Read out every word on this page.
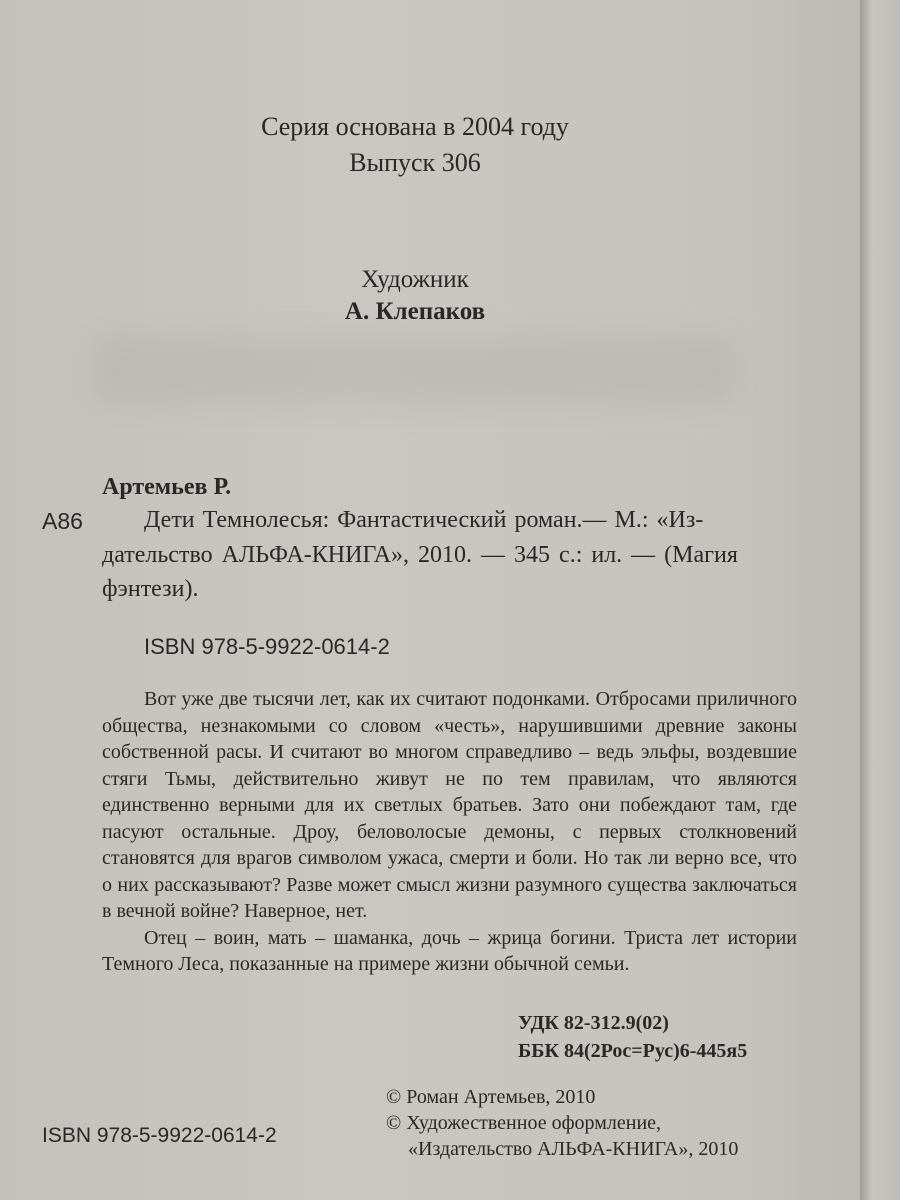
Серия основана в 2004 году
Выпуск 306
Художник
А. Клепаков
Артемьев Р.
А86	Дети Темнолесья: Фантастический роман.— М.: «Из-
дательство АЛЬФА-КНИГА», 2010. — 345 с.: ил. — (Магия
фэнтези).
ISBN 978-5-9922-0614-2

Вот уже две тысячи лет, как их считают подонками. Отбросами приличного общества, незнакомыми со словом «честь», нарушившими древние законы собственной расы. И считают во многом справедливо – ведь эльфы, воздевшие стяги Тьмы, действительно живут не по тем правилам, что являются единственно верными для их светлых братьев. Зато они побеждают там, где пасуют остальные. Дроу, беловолосые демоны, с первых столкновений становятся для врагов символом ужаса, смерти и боли. Но так ли верно все, что о них рассказывают? Разве может смысл жизни разумного существа заключаться в вечной войне? Наверное, нет.

Отец – воин, мать – шаманка, дочь – жрица богини. Триста лет истории Темного Леса, показанные на примере жизни обычной семьи.

УДК 82-312.9(02)
ББК 84(2Рос=Рус)6-445я5
© Роман Артемьев, 2010
© Художественное оформление,
«Издательство АЛЬФА-КНИГА», 2010
ISBN 978-5-9922-0614-2
